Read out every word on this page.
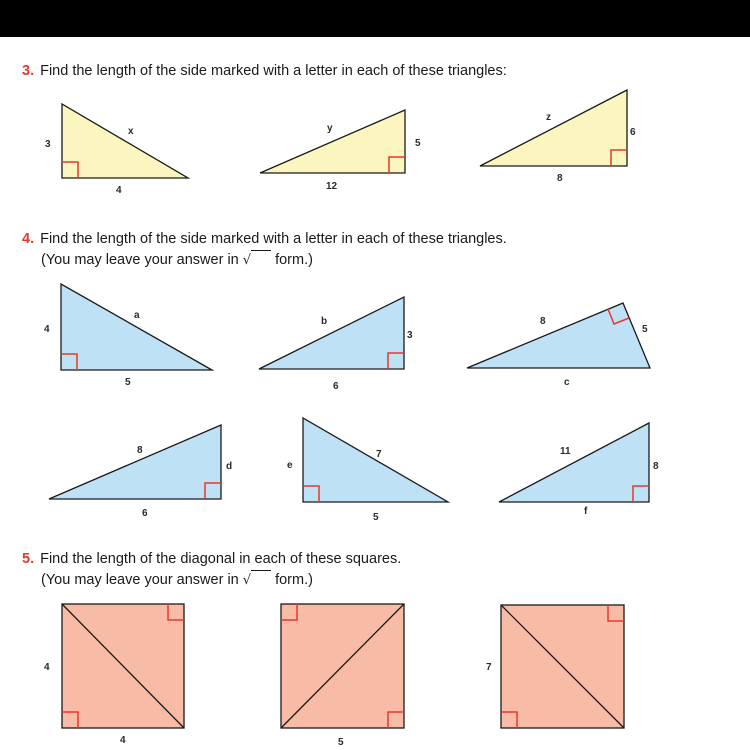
3. Find the length of the side marked with a letter in each of these triangles:
4. Find the length of the side marked with a letter in each of these triangles.
(You may leave your answer in √ form.)
5. Find the length of the diagonal in each of these squares.
(You may leave your answer in √ form.)
3
x
4
y
5
12
z
6
8
4
a
5
b
3
6
8
5
c
8
d
6
e
7
5
11
8
f
4
4	5
7
